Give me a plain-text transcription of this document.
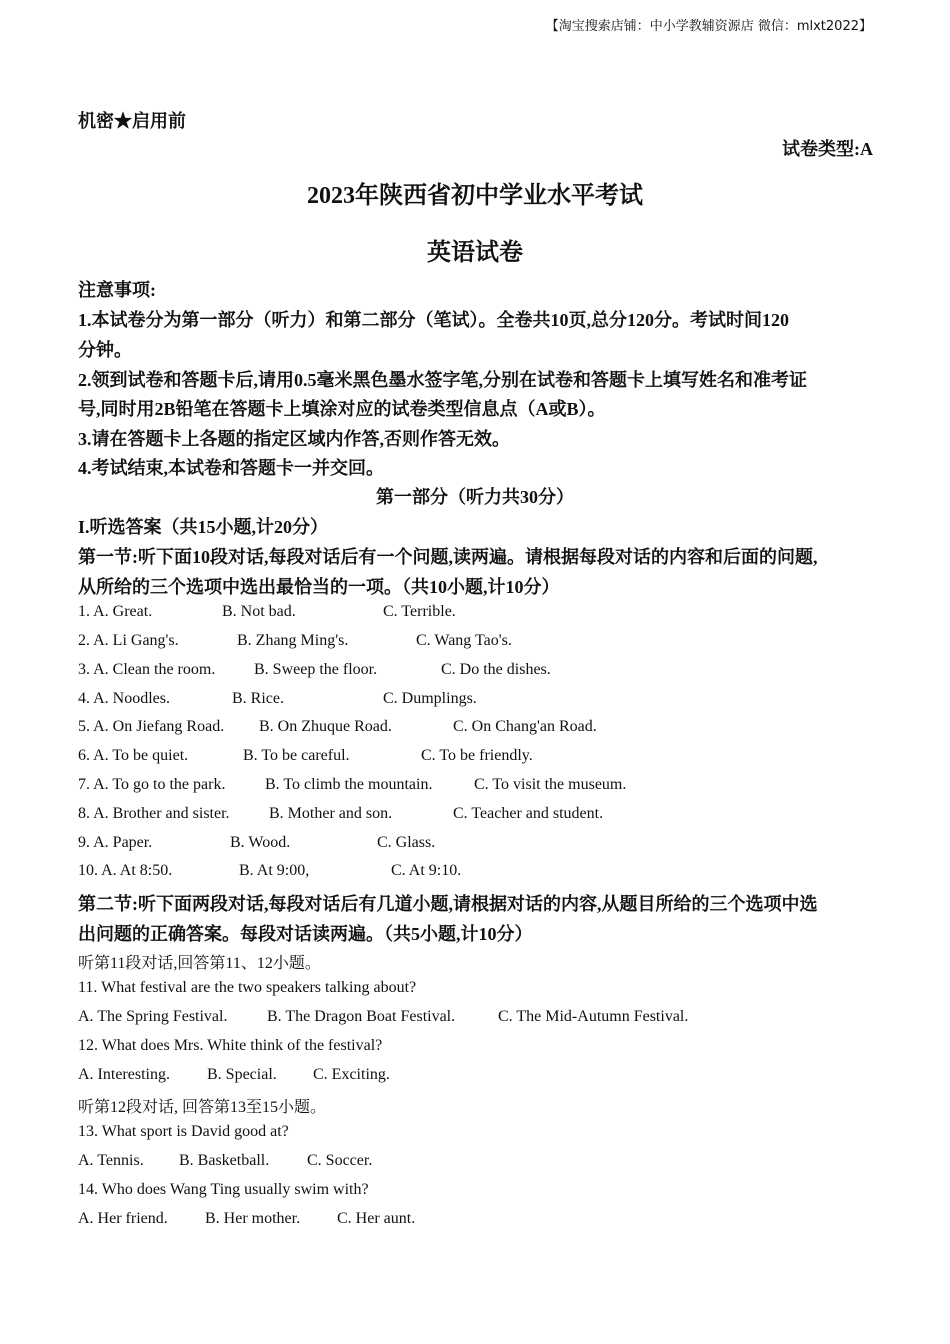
【淘宝搜索店铺：中小学教辅资源店 微信：mlxt2022】
机密★启用前
试卷类型:A
2023年陕西省初中学业水平考试
英语试卷
注意事项:
1.本试卷分为第一部分（听力）和第二部分（笔试）。全卷共10页,总分120分。考试时间120
分钟。
2.领到试卷和答题卡后,请用0.5毫米黑色墨水签字笔,分别在试卷和答题卡上填写姓名和准考证
号,同时用2B铅笔在答题卡上填涂对应的试卷类型信息点（A或B）。
3.请在答题卡上各题的指定区域内作答,否则作答无效。
4.考试结束,本试卷和答题卡一并交回。
第一部分（听力共30分）
I.听选答案（共15小题,计20分）
第一节:听下面10段对话,每段对话后有一个问题,读两遍。请根据每段对话的内容和后面的问题,
从所给的三个选项中选出最恰当的一项。（共10小题,计10分）
1. A. Great.	B. Not bad.	C. Terrible.
2. A. Li Gang's.	B. Zhang Ming's.	C. Wang Tao's.
3. A. Clean the room. B. Sweep the floor.	C. Do the dishes.
4. A. Noodles.	B. Rice.	C. Dumplings.
5. A. On Jiefang Road. B. On Zhuque Road.	C. On Chang'an Road.
6. A. To be quiet.	B. To be careful.	C. To be friendly.
7. A. To go to the park. B. To climb the mountain.	C. To visit the museum.
8. A. Brother and sister. B. Mother and son.	C. Teacher and student.
9. A. Paper.	B. Wood.	C. Glass.
10. A. At 8:50.	B. At 9:00,	C. At 9:10.
第二节:听下面两段对话,每段对话后有几道小题,请根据对话的内容,从题目所给的三个选项中选
出问题的正确答案。每段对话读两遍。（共5小题,计10分）
听第11段对话,回答第11、12小题。
11. What festival are the two speakers talking about?
A. The Spring Festival. B. The Dragon Boat Festival.	C. The Mid-Autumn Festival.
12. What does Mrs. White think of the festival?
A. Interesting. B. Special. C. Exciting.
听第12段对话, 回答第13至15小题。
13. What sport is David good at?
A. Tennis. B. Basketball. C. Soccer.
14. Who does Wang Ting usually swim with?
A. Her friend. B. Her mother. C. Her aunt.
